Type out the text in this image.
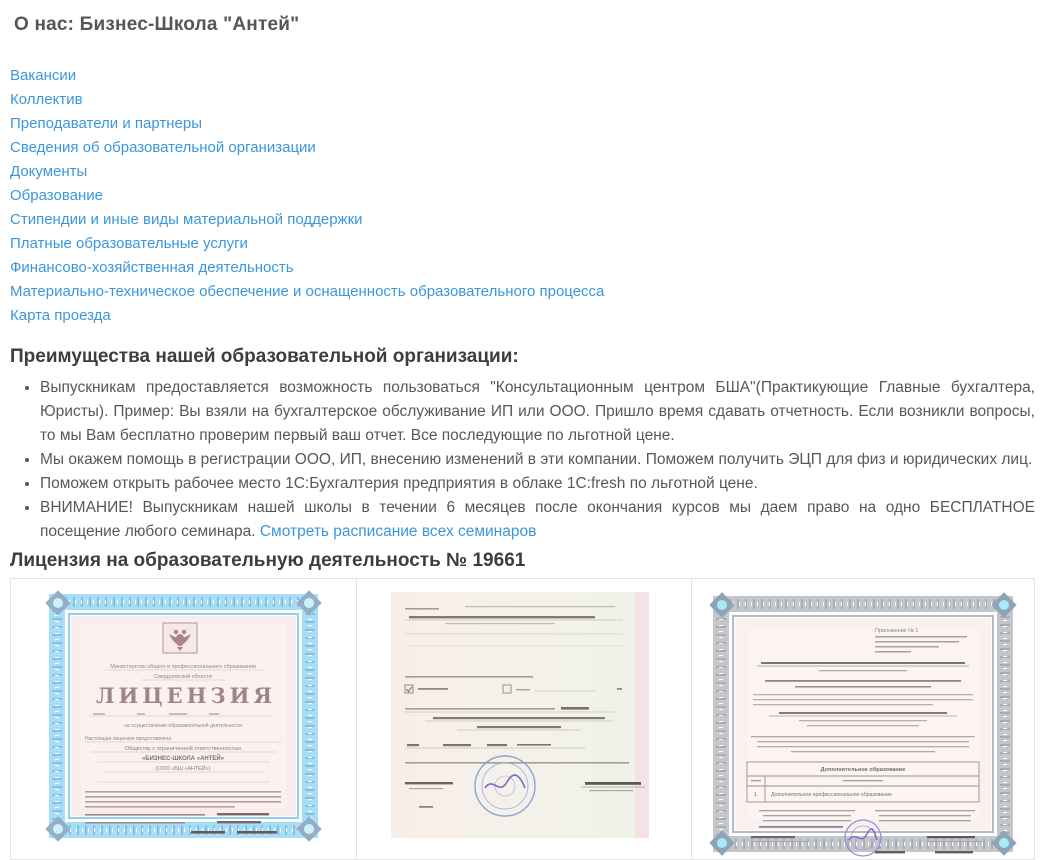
О нас: Бизнес-Школа "Антей"
Вакансии
Коллектив
Преподаватели и партнеры
Сведения об образовательной организации
Документы
Образование
Стипендии и иные виды материальной поддержки
Платные образовательные услуги
Финансово-хозяйственная деятельность
Материально-техническое обеспечение и оснащенность образовательного процесса
Карта проезда
Преимущества нашей образовательной организации:
• Выпускникам предоставляется возможность пользоваться "Консультационным центром БША"(Практикующие Главные бухгалтера, Юристы). Пример: Вы взяли на бухгалтерское обслуживание ИП или ООО. Пришло время сдавать отчетность. Если возникли вопросы, то мы Вам бесплатно проверим первый ваш отчет. Все последующие по льготной цене.
• Мы окажем помощь в регистрации ООО, ИП, внесению изменений в эти компании. Поможем получить ЭЦП для физ и юридических лиц.
• Поможем открыть рабочее место 1С:Бухгалтерия предприятия в облаке 1С:fresh по льготной цене.
• ВНИМАНИЕ! Выпускникам нашей школы в течении 6 месяцев после окончания курсов мы даем право на одно БЕСПЛАТНОЕ посещение любого семинара. Смотреть расписание всех семинаров
Лицензия на образовательную деятельность № 19661
Министерство общего и профессионального образования
Свердловской области
ЛИЦЕНЗИЯ
на осуществление образовательной деятельности
Настоящая лицензия предоставлена
Обществу с ограниченной ответственностью
«БИЗНЕС-ШКОЛА «АНТЕЙ»
(ООО «БШ «АНТЕЙ»)
Приложение № 1
Дополнительное образование
1. Дополнительное профессиональное образование
